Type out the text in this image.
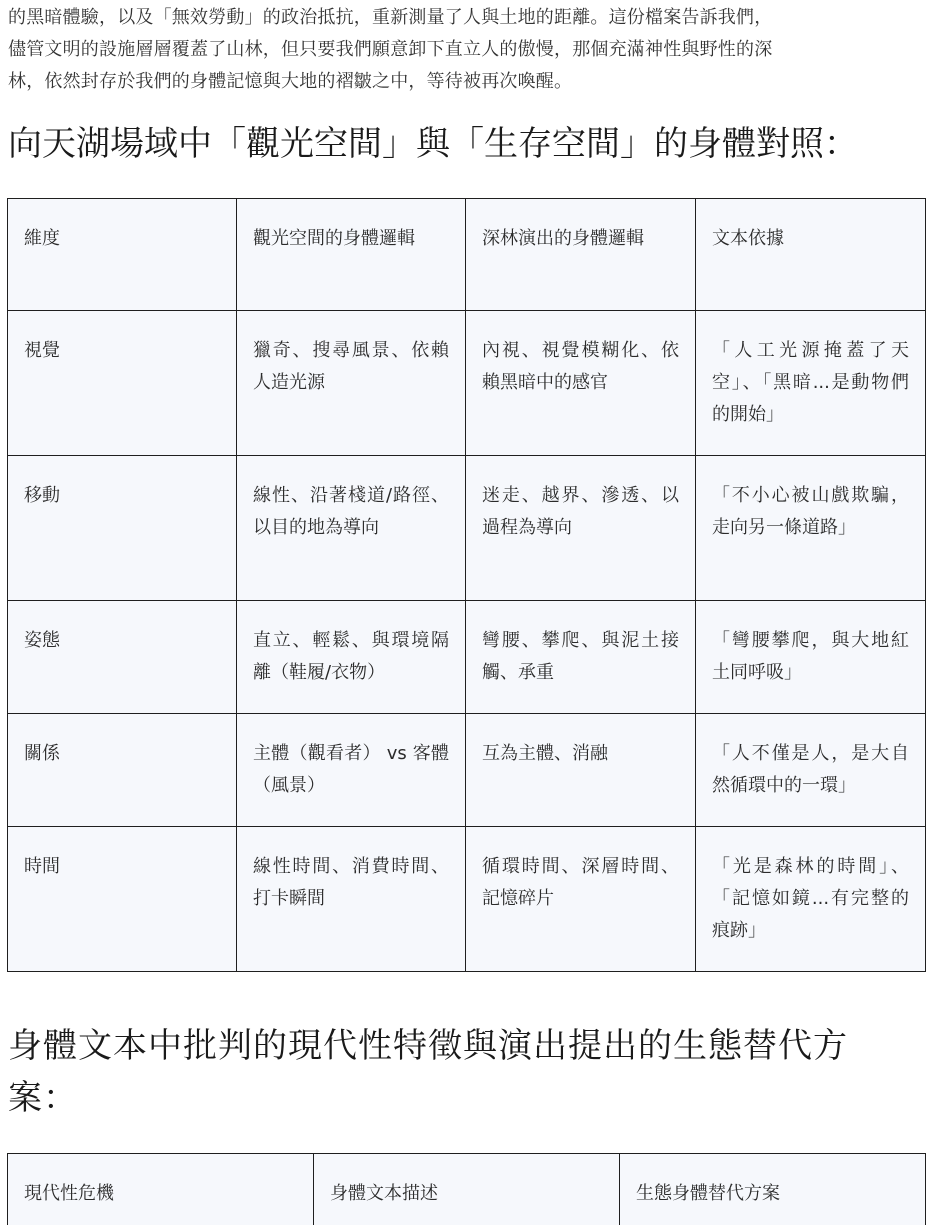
的黑暗體驗，以及「無效勞動」的政治抵抗，重新測量了人與土地的距離。這份檔案告訴我們，
儘管文明的設施層層覆蓋了山林，但只要我們願意卸下直立人的傲慢，那個充滿神性與野性的深
林，依然封存於我們的身體記憶與大地的褶皺之中，等待被再次喚醒。

向天湖場域中「觀光空間」與「生存空間」的身體對照：
維度	觀光空間的身體邏輯	深林演出的身體邏輯	文本依據

視覺	獵奇、搜尋風景、依賴人造光源	內視、視覺模糊化、依賴黑暗中的感官	「人工光源掩蓋了天空」、「黑暗...是動物們的開始」

移動	線性、沿著棧道/路徑、以目的地為導向	迷走、越界、滲透、以過程為導向	「不小心被山戲欺騙，走向另一條道路」

姿態	直立、輕鬆、與環境隔離（鞋履/衣物）	彎腰、攀爬、與泥土接觸、承重	「彎腰攀爬，與大地紅土同呼吸」

關係	主體（觀看者） vs 客體（風景）	互為主體、消融	「人不僅是人，是大自然循環中的一環」

時間	線性時間、消費時間、打卡瞬間	循環時間、深層時間、記憶碎片	「光是森林的時間」、「記憶如鏡...有完整的痕跡」
身體文本中批判的現代性特徵與演出提出的生態替代方
案：
現代性危機	身體文本描述	生態身體替代方案
